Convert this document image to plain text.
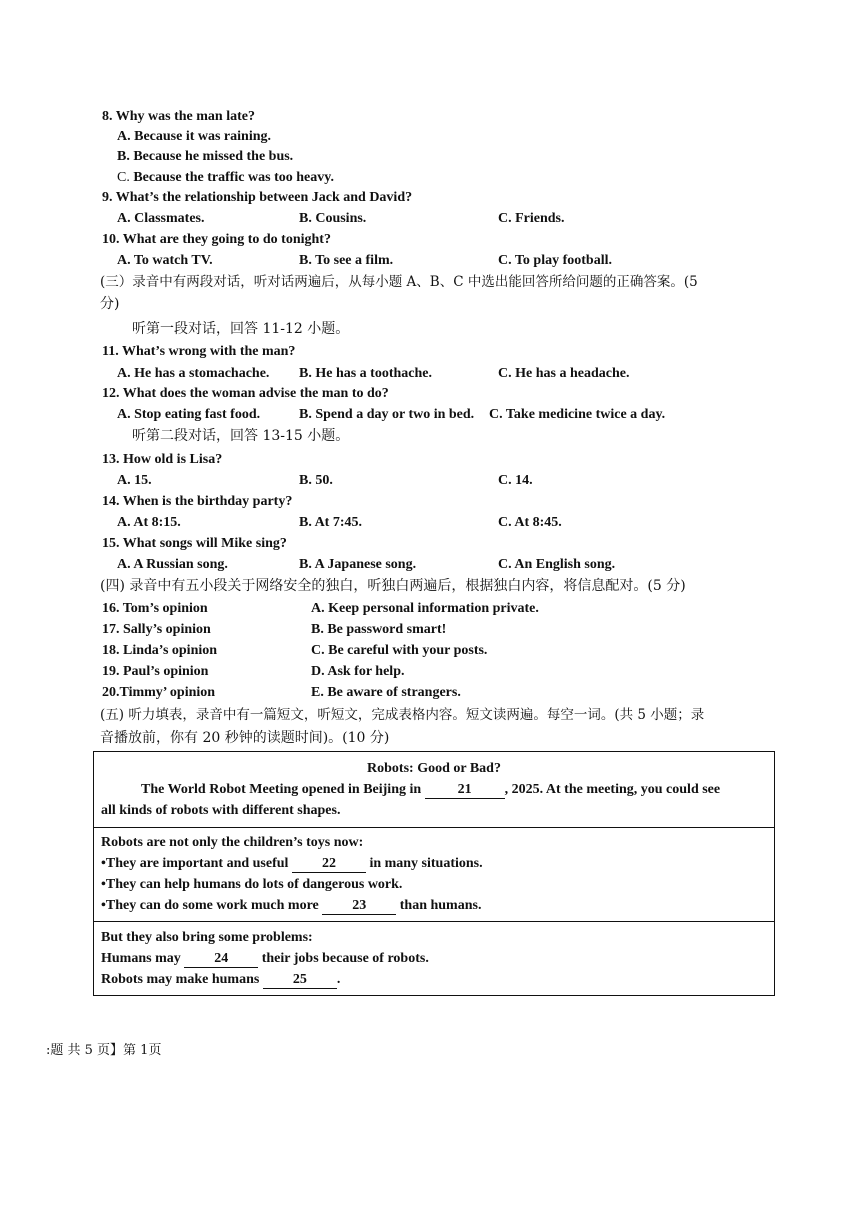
8. Why was the man late?
A. Because it was raining.
B. Because he missed the bus.
C. Because the traffic was too heavy.
9. What’s the relationship between Jack and David?
A. Classmates.	B. Cousins.	C. Friends.
10. What are they going to do tonight?
A. To watch TV.	B. To see a film.	C. To play football.
(三）录音中有两段对话，听对话两遍后，从每小题 A、B、C 中选出能回答所给问题的正确答案。(5
分)
听第一段对话，回答 11-12 小题。
11. What’s wrong with the man?
A. He has a stomachache. B. He has a toothache.	C. He has a headache.
12. What does the woman advise the man to do?
A. Stop eating fast food.	B. Spend a day or two in bed. C. Take medicine twice a day.
听第二段对话，回答 13-15 小题。
13. How old is Lisa?
A. 15.	B. 50.	C. 14.
14. When is the birthday party?
A. At 8:15.	B. At 7:45.	C. At 8:45.
15. What songs will Mike sing?
A. A Russian song.	B. A Japanese song.	C. An English song.
(四) 录音中有五小段关于网络安全的独白，听独白两遍后，根据独白内容，将信息配对。(5 分)
16. Tom’s opinion	A. Keep personal information private.
17. Sally’s opinion	B. Be password smart!
18. Linda’s opinion	C. Be careful with your posts.
19. Paul’s opinion	D. Ask for help.
20.Timmy’ opinion	E. Be aware of strangers.
(五) 听力填表，录音中有一篇短文，听短文，完成表格内容。短文读两遍。每空一词。(共 5 小题；录
音播放前，你有 20 秒钟的读题时间)。(10 分)
Robots: Good or Bad?
The World Robot Meeting opened in Beijing in 21 , 2025. At the meeting, you could see
all kinds of robots with different shapes.
Robots are not only the children’s toys now:
•They are important and useful 22 in many situations.
•They can help humans do lots of dangerous work.
•They can do some work much more 23 than humans.
But they also bring some problems:
Humans may 24 their jobs because of robots.
Robots may make humans 25 .
:题 共 5 页】第 1页
